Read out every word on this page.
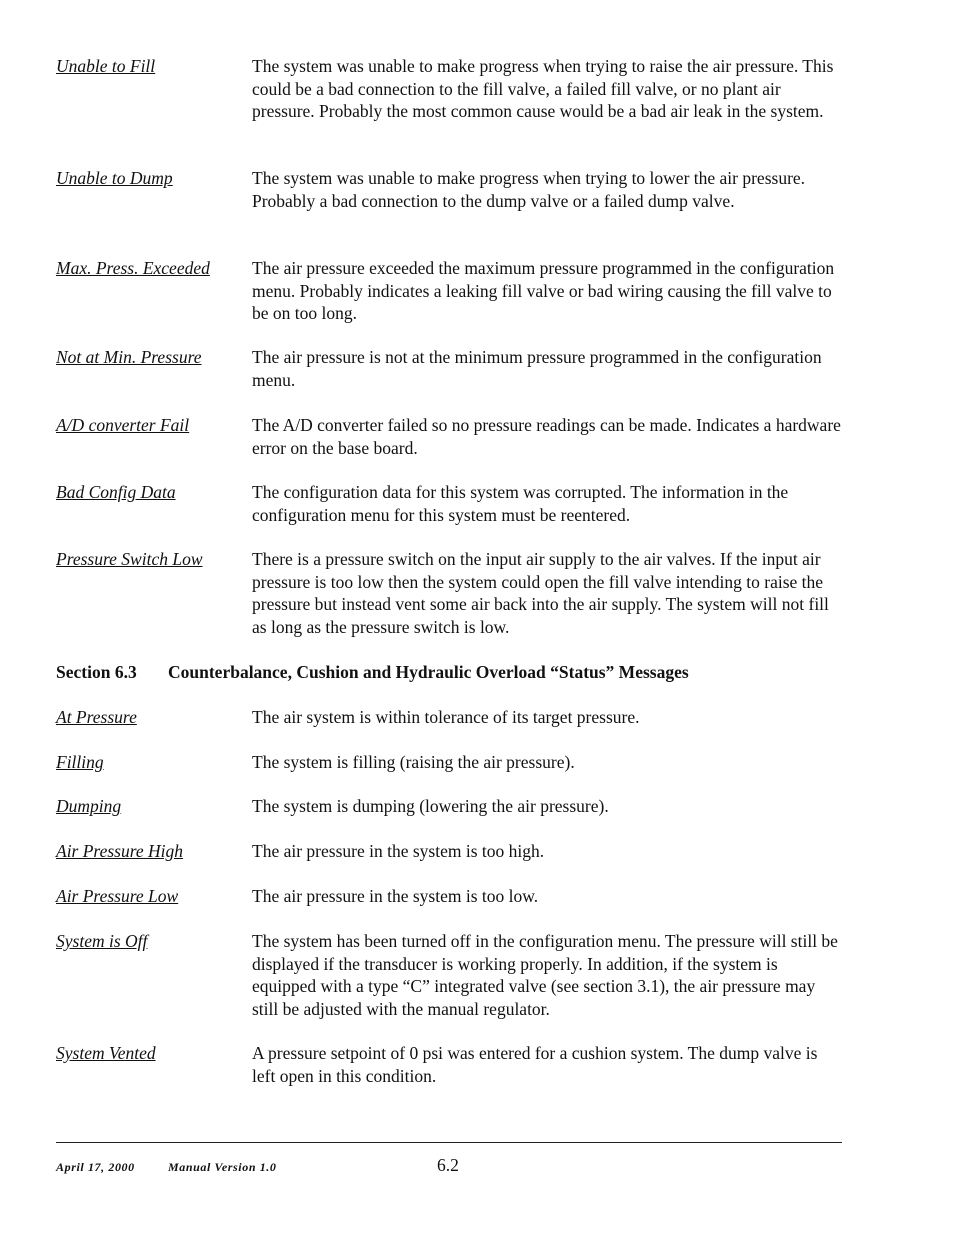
Unable to Fill	The system was unable to make progress when trying to raise the air pressure. This could be a bad connection to the fill valve, a failed fill valve, or no plant air pressure. Probably the most common cause would be a bad air leak in the system.
Unable to Dump	The system was unable to make progress when trying to lower the air pressure. Probably a bad connection to the dump valve or a failed dump valve.
Max. Press. Exceeded	The air pressure exceeded the maximum pressure programmed in the configuration menu. Probably indicates a leaking fill valve or bad wiring causing the fill valve to be on too long.
Not at Min. Pressure	The air pressure is not at the minimum pressure programmed in the configuration menu.
A/D converter Fail	The A/D converter failed so no pressure readings can be made. Indicates a hardware error on the base board.
Bad Config Data	The configuration data for this system was corrupted. The information in the configuration menu for this system must be reentered.
Pressure Switch Low	There is a pressure switch on the input air supply to the air valves. If the input air pressure is too low then the system could open the fill valve intending to raise the pressure but instead vent some air back into the air supply. The system will not fill as long as the pressure switch is low.
Section 6.3 Counterbalance, Cushion and Hydraulic Overload “Status” Messages
At Pressure	The air system is within tolerance of its target pressure.
Filling	The system is filling (raising the air pressure).
Dumping	The system is dumping (lowering the air pressure).
Air Pressure High	The air pressure in the system is too high.
Air Pressure Low	The air pressure in the system is too low.
System is Off	The system has been turned off in the configuration menu. The pressure will still be displayed if the transducer is working properly. In addition, if the system is equipped with a type “C” integrated valve (see section 3.1), the air pressure may still be adjusted with the manual regulator.
System Vented	A pressure setpoint of 0 psi was entered for a cushion system. The dump valve is left open in this condition.
April 17, 2000	Manual Version 1.0	6.2
